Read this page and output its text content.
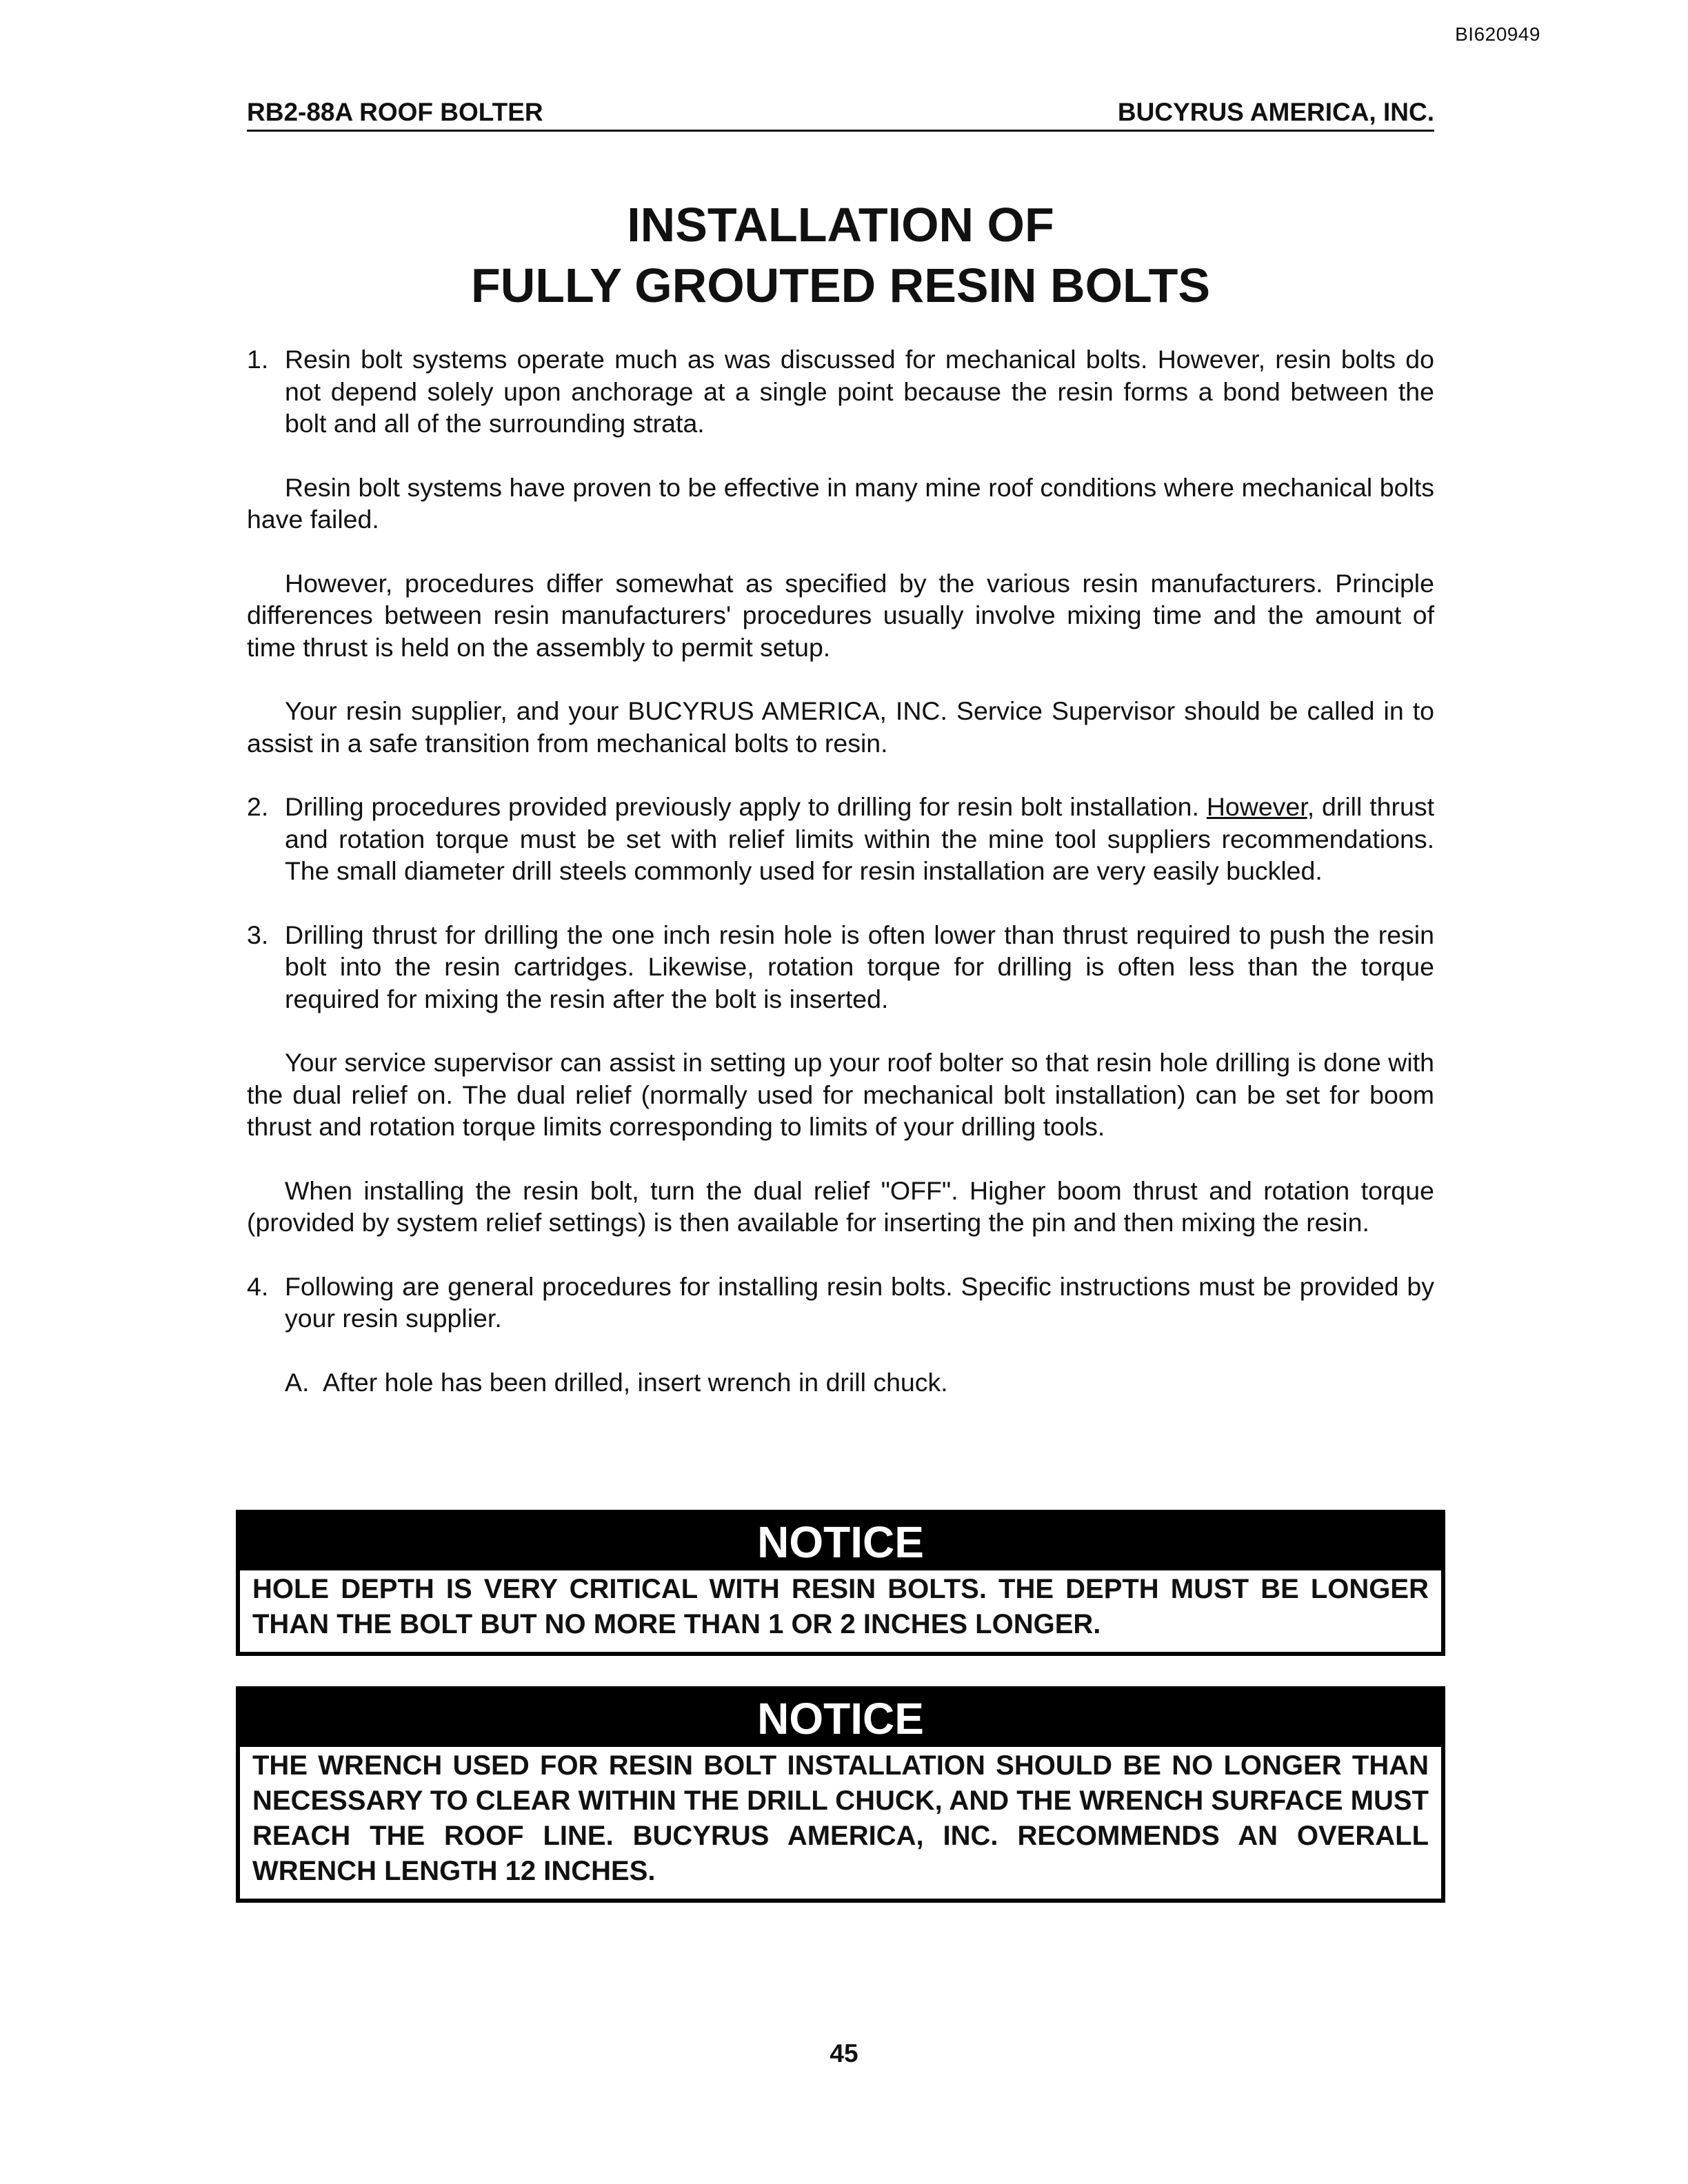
BI620949
RB2-88A ROOF BOLTER	BUCYRUS AMERICA, INC.
INSTALLATION OF
FULLY GROUTED RESIN BOLTS
1. Resin bolt systems operate much as was discussed for mechanical bolts. However, resin bolts do not depend solely upon anchorage at a single point because the resin forms a bond between the bolt and all of the surrounding strata.

Resin bolt systems have proven to be effective in many mine roof conditions where mechanical bolts have failed.

However, procedures differ somewhat as specified by the various resin manufacturers. Principle differences between resin manufacturers' procedures usually involve mixing time and the amount of time thrust is held on the assembly to permit setup.

Your resin supplier, and your BUCYRUS AMERICA, INC. Service Supervisor should be called in to assist in a safe transition from mechanical bolts to resin.

2. Drilling procedures provided previously apply to drilling for resin bolt installation. However, drill thrust and rotation torque must be set with relief limits within the mine tool suppliers recommendations. The small diameter drill steels commonly used for resin installation are very easily buckled.
3. Drilling thrust for drilling the one inch resin hole is often lower than thrust required to push the resin bolt into the resin cartridges. Likewise, rotation torque for drilling is often less than the torque required for mixing the resin after the bolt is inserted.

Your service supervisor can assist in setting up your roof bolter so that resin hole drilling is done with the dual relief on. The dual relief (normally used for mechanical bolt installation) can be set for boom thrust and rotation torque limits corresponding to limits of your drilling tools.

When installing the resin bolt, turn the dual relief "OFF". Higher boom thrust and rotation torque (provided by system relief settings) is then available for inserting the pin and then mixing the resin.

4. Following are general procedures for installing resin bolts. Specific instructions must be provided by your resin supplier.
A. After hole has been drilled, insert wrench in drill chuck.
NOTICE
HOLE DEPTH IS VERY CRITICAL WITH RESIN BOLTS. THE DEPTH MUST BE LONGER THAN THE BOLT BUT NO MORE THAN 1 OR 2 INCHES LONGER.
NOTICE
THE WRENCH USED FOR RESIN BOLT INSTALLATION SHOULD BE NO LONGER THAN NECESSARY TO CLEAR WITHIN THE DRILL CHUCK, AND THE WRENCH SURFACE MUST REACH THE ROOF LINE. BUCYRUS AMERICA, INC. RECOMMENDS AN OVERALL WRENCH LENGTH 12 INCHES.
45
